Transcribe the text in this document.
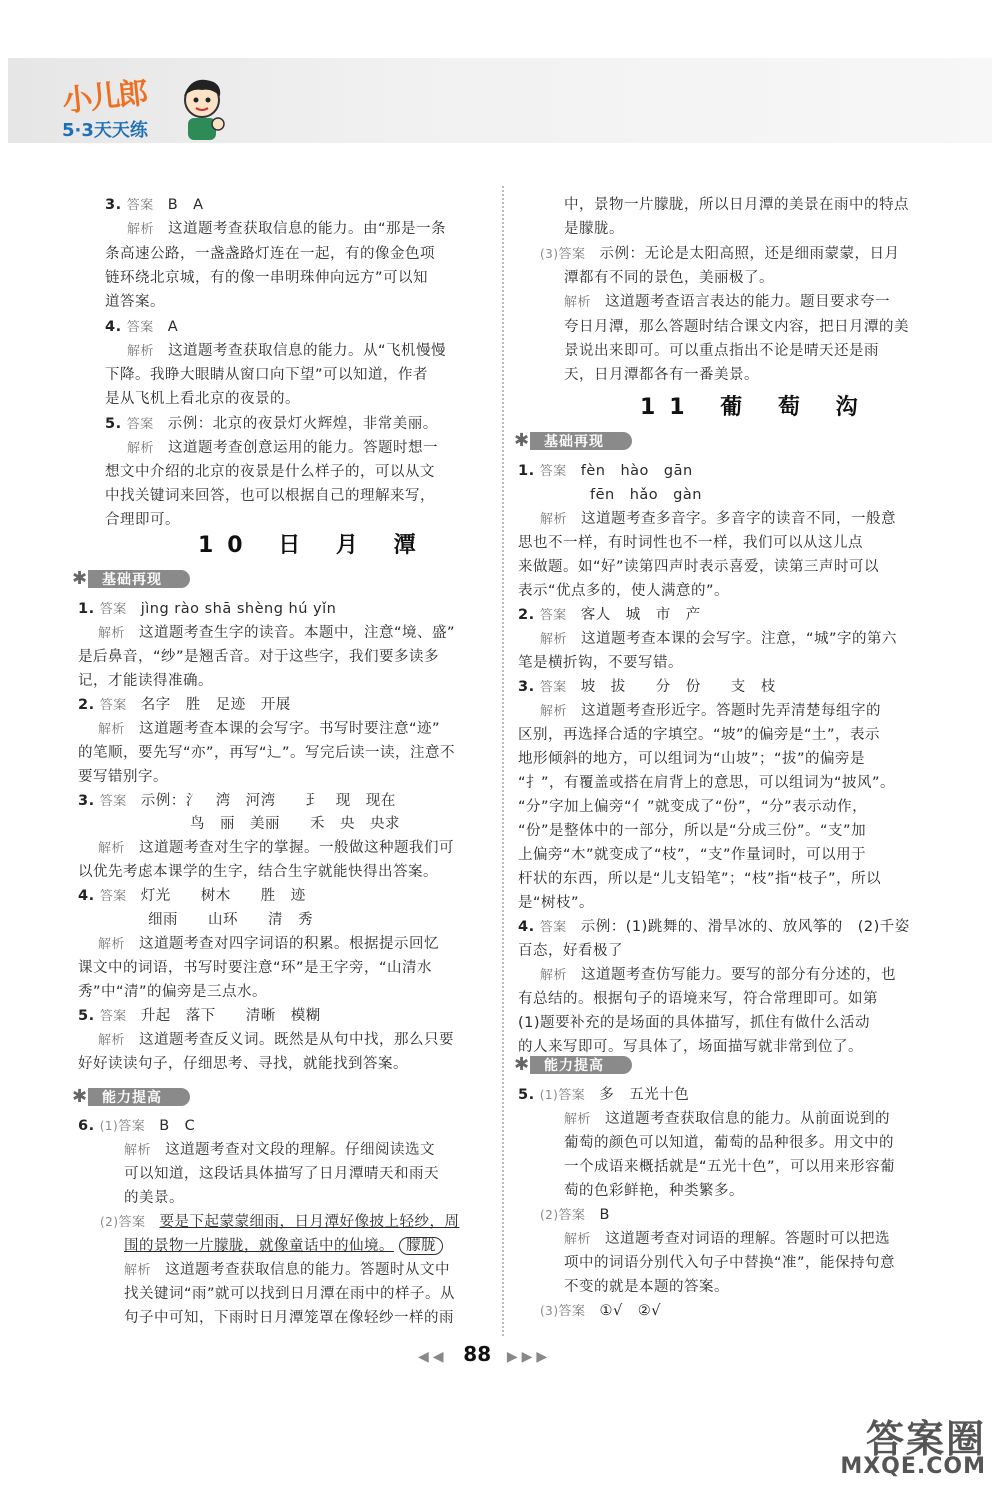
小儿郎
5·3天天练
3. 答案 B　A
解析 这道题考查获取信息的能力。由“那是一条
条高速公路，一盏盏路灯连在一起，有的像金色项
链环绕北京城，有的像一串明珠伸向远方”可以知
道答案。
4. 答案 A
解析 这道题考查获取信息的能力。从“飞机慢慢
下降。我睁大眼睛从窗口向下望”可以知道，作者
是从飞机上看北京的夜景的。
5. 答案 示例：北京的夜景灯火辉煌，非常美丽。
解析 这道题考查创意运用的能力。答题时想一
想文中介绍的北京的夜景是什么样子的，可以从文
中找关键词来回答，也可以根据自己的理解来写，
合理即可。
10 日 月 潭
✱ 基础再现
1. 答案 jìng rào shā shèng hú yǐn
解析 这道题考查生字的读音。本题中，注意“境、盛”
是后鼻音，“纱”是翘舌音。对于这些字，我们要多读多
记，才能读得准确。
2. 答案 名字　胜　足迹　开展
解析 这道题考查本课的会写字。书写时要注意“迹”
的笔顺，要先写“亦”，再写“辶”。写完后读一读，注意不
要写错别字。
3. 答案 示例：氵　湾　河湾　　⺩　现　现在
鸟　丽　美丽　　禾　央　央求
解析 这道题考查对生字的掌握。一般做这种题我们可
以优先考虑本课学的生字，结合生字就能快得出答案。
4. 答案 灯光　　树木　　胜　迹
细雨　　山环　　清　秀
解析 这道题考查对四字词语的积累。根据提示回忆
课文中的词语，书写时要注意“环”是王字旁，“山清水
秀”中“清”的偏旁是三点水。
5. 答案 升起　落下　　清晰　模糊
解析 这道题考查反义词。既然是从句中找，那么只要
好好读读句子，仔细思考、寻找，就能找到答案。
✱ 能力提高
6. (1)答案 B　C
解析 这道题考查对文段的理解。仔细阅读选文
可以知道，这段话具体描写了日月潭晴天和雨天
的美景。
(2)答案 要是下起蒙蒙细雨，日月潭好像披上轻纱，周
围的景物一片朦胧，就像童话中的仙境。 朦胧
解析 这道题考查获取信息的能力。答题时从文中
找关键词“雨”就可以找到日月潭在雨中的样子。从
句子中可知，下雨时日月潭笼罩在像轻纱一样的雨
中，景物一片朦胧，所以日月潭的美景在雨中的特点
是朦胧。
(3)答案 示例：无论是太阳高照，还是细雨蒙蒙，日月
潭都有不同的景色，美丽极了。
解析 这道题考查语言表达的能力。题目要求夸一
夸日月潭，那么答题时结合课文内容，把日月潭的美
景说出来即可。可以重点指出不论是晴天还是雨
天，日月潭都各有一番美景。
11 葡 萄 沟
✱ 基础再现
1. 答案 fèn　hào　gān
fēn　hǎo　gàn
解析 这道题考查多音字。多音字的读音不同，一般意
思也不一样，有时词性也不一样，我们可以从这儿点
来做题。如“好”读第四声时表示喜爱，读第三声时可以
表示“优点多的，使人满意的”。
2. 答案 客人　城　市　产
解析 这道题考查本课的会写字。注意，“城”字的第六
笔是横折钩，不要写错。
3. 答案 坡　拔　　分　份　　支　枝
解析 这道题考查形近字。答题时先弄清楚每组字的
区别，再选择合适的字填空。“坡”的偏旁是“土”，表示
地形倾斜的地方，可以组词为“山坡”；“拔”的偏旁是
“扌”，有覆盖或搭在肩背上的意思，可以组词为“披风”。
“分”字加上偏旁“亻”就变成了“份”，“分”表示动作，
“份”是整体中的一部分，所以是“分成三份”。“支”加
上偏旁“木”就变成了“枝”，“支”作量词时，可以用于
杆状的东西，所以是“儿支铅笔”；“枝”指“枝子”，所以
是“树枝”。
4. 答案 示例：(1)跳舞的、滑旱冰的、放风筝的　(2)千姿
百态，好看极了
解析 这道题考查仿写能力。要写的部分有分述的，也
有总结的。根据句子的语境来写，符合常理即可。如第
(1)题要补充的是场面的具体描写，抓住有做什么活动
的人来写即可。写具体了，场面描写就非常到位了。
✱ 能力提高
5. (1)答案 多　五光十色
解析 这道题考查获取信息的能力。从前面说到的
葡萄的颜色可以知道，葡萄的品种很多。用文中的
一个成语来概括就是“五光十色”，可以用来形容葡
萄的色彩鲜艳，种类繁多。
(2)答案 B
解析 这道题考查对词语的理解。答题时可以把选
项中的词语分别代入句子中替换“准”，能保持句意
不变的就是本题的答案。
(3)答案 ①√　②√
◀◀ 88 ▶▶▶
答案圈
MXQE.COM
